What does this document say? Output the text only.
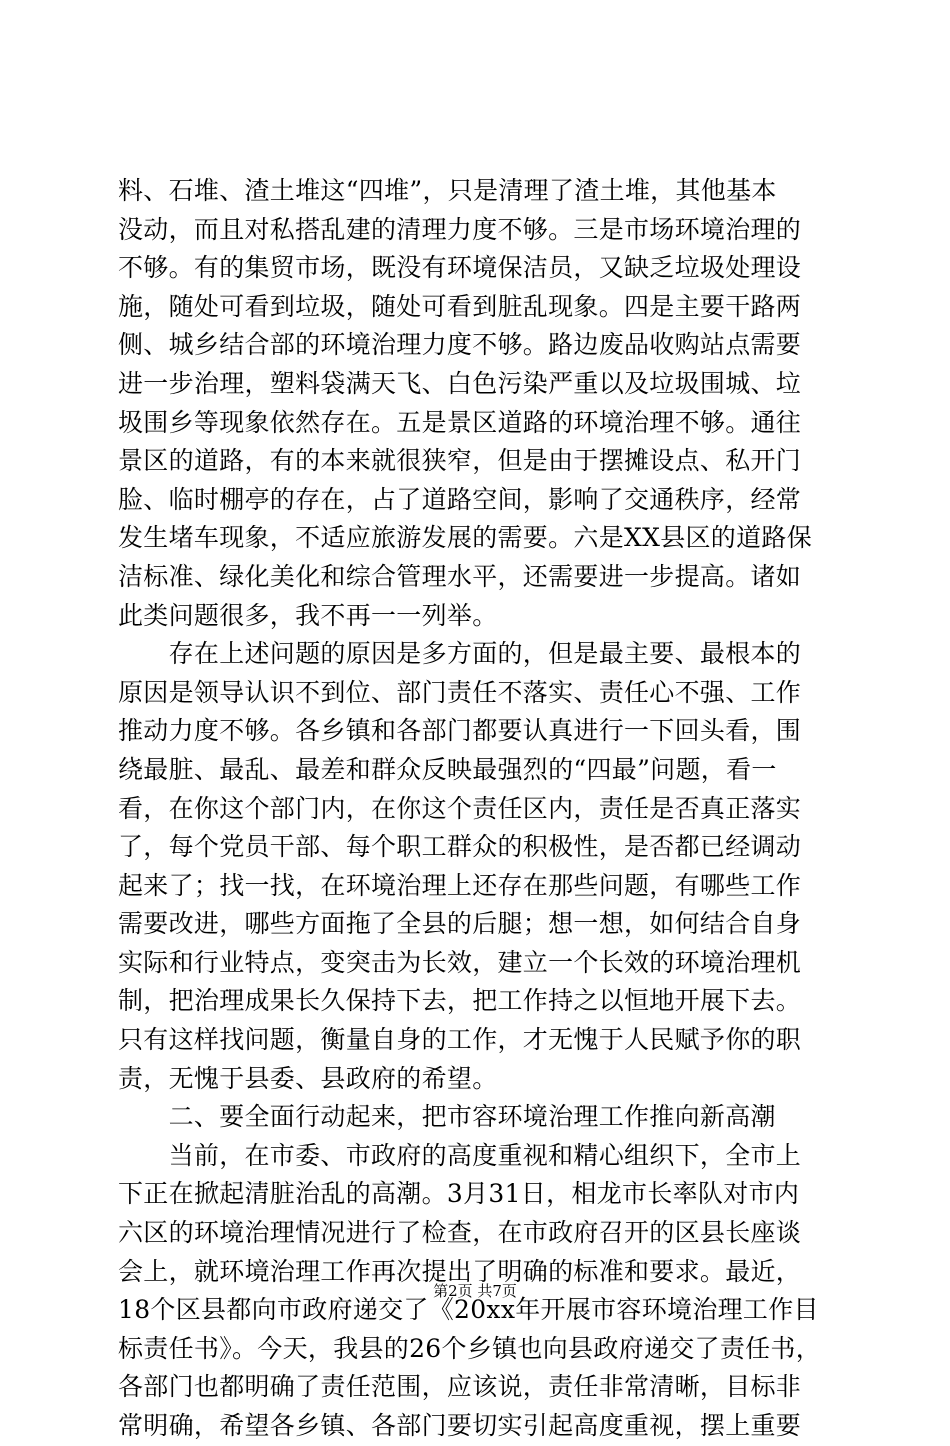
料、石堆、渣土堆这“四堆”，只是清理了渣土堆，其他基本
没动，而且对私搭乱建的清理力度不够。三是市场环境治理的
不够。有的集贸市场，既没有环境保洁员，又缺乏垃圾处理设
施，随处可看到垃圾，随处可看到脏乱现象。四是主要干路两
侧、城乡结合部的环境治理力度不够。路边废品收购站点需要
进一步治理，塑料袋满天飞、白色污染严重以及垃圾围城、垃
圾围乡等现象依然存在。五是景区道路的环境治理不够。通往
景区的道路，有的本来就很狭窄，但是由于摆摊设点、私开门
脸、临时棚亭的存在，占了道路空间，影响了交通秩序，经常
发生堵车现象，不适应旅游发展的需要。六是XX县区的道路保
洁标准、绿化美化和综合管理水平，还需要进一步提高。诸如
此类问题很多，我不再一一列举。
　　存在上述问题的原因是多方面的，但是最主要、最根本的
原因是领导认识不到位、部门责任不落实、责任心不强、工作
推动力度不够。各乡镇和各部门都要认真进行一下回头看，围
绕最脏、最乱、最差和群众反映最强烈的“四最”问题，看一
看，在你这个部门内，在你这个责任区内，责任是否真正落实
了，每个党员干部、每个职工群众的积极性，是否都已经调动
起来了；找一找，在环境治理上还存在那些问题，有哪些工作
需要改进，哪些方面拖了全县的后腿；想一想，如何结合自身
实际和行业特点，变突击为长效，建立一个长效的环境治理机
制，把治理成果长久保持下去，把工作持之以恒地开展下去。
只有这样找问题，衡量自身的工作，才无愧于人民赋予你的职
责，无愧于县委、县政府的希望。
　　二、要全面行动起来，把市容环境治理工作推向新高潮
　　当前，在市委、市政府的高度重视和精心组织下，全市上
下正在掀起清脏治乱的高潮。3月31日，相龙市长率队对市内
六区的环境治理情况进行了检查，在市政府召开的区县长座谈
会上，就环境治理工作再次提出了明确的标准和要求。最近，
18个区县都向市政府递交了《20xx年开展市容环境治理工作目
标责任书》。今天，我县的26个乡镇也向县政府递交了责任书，
各部门也都明确了责任范围，应该说，责任非常清晰，目标非
常明确，希望各乡镇、各部门要切实引起高度重视，摆上重要
第2页 共7页
